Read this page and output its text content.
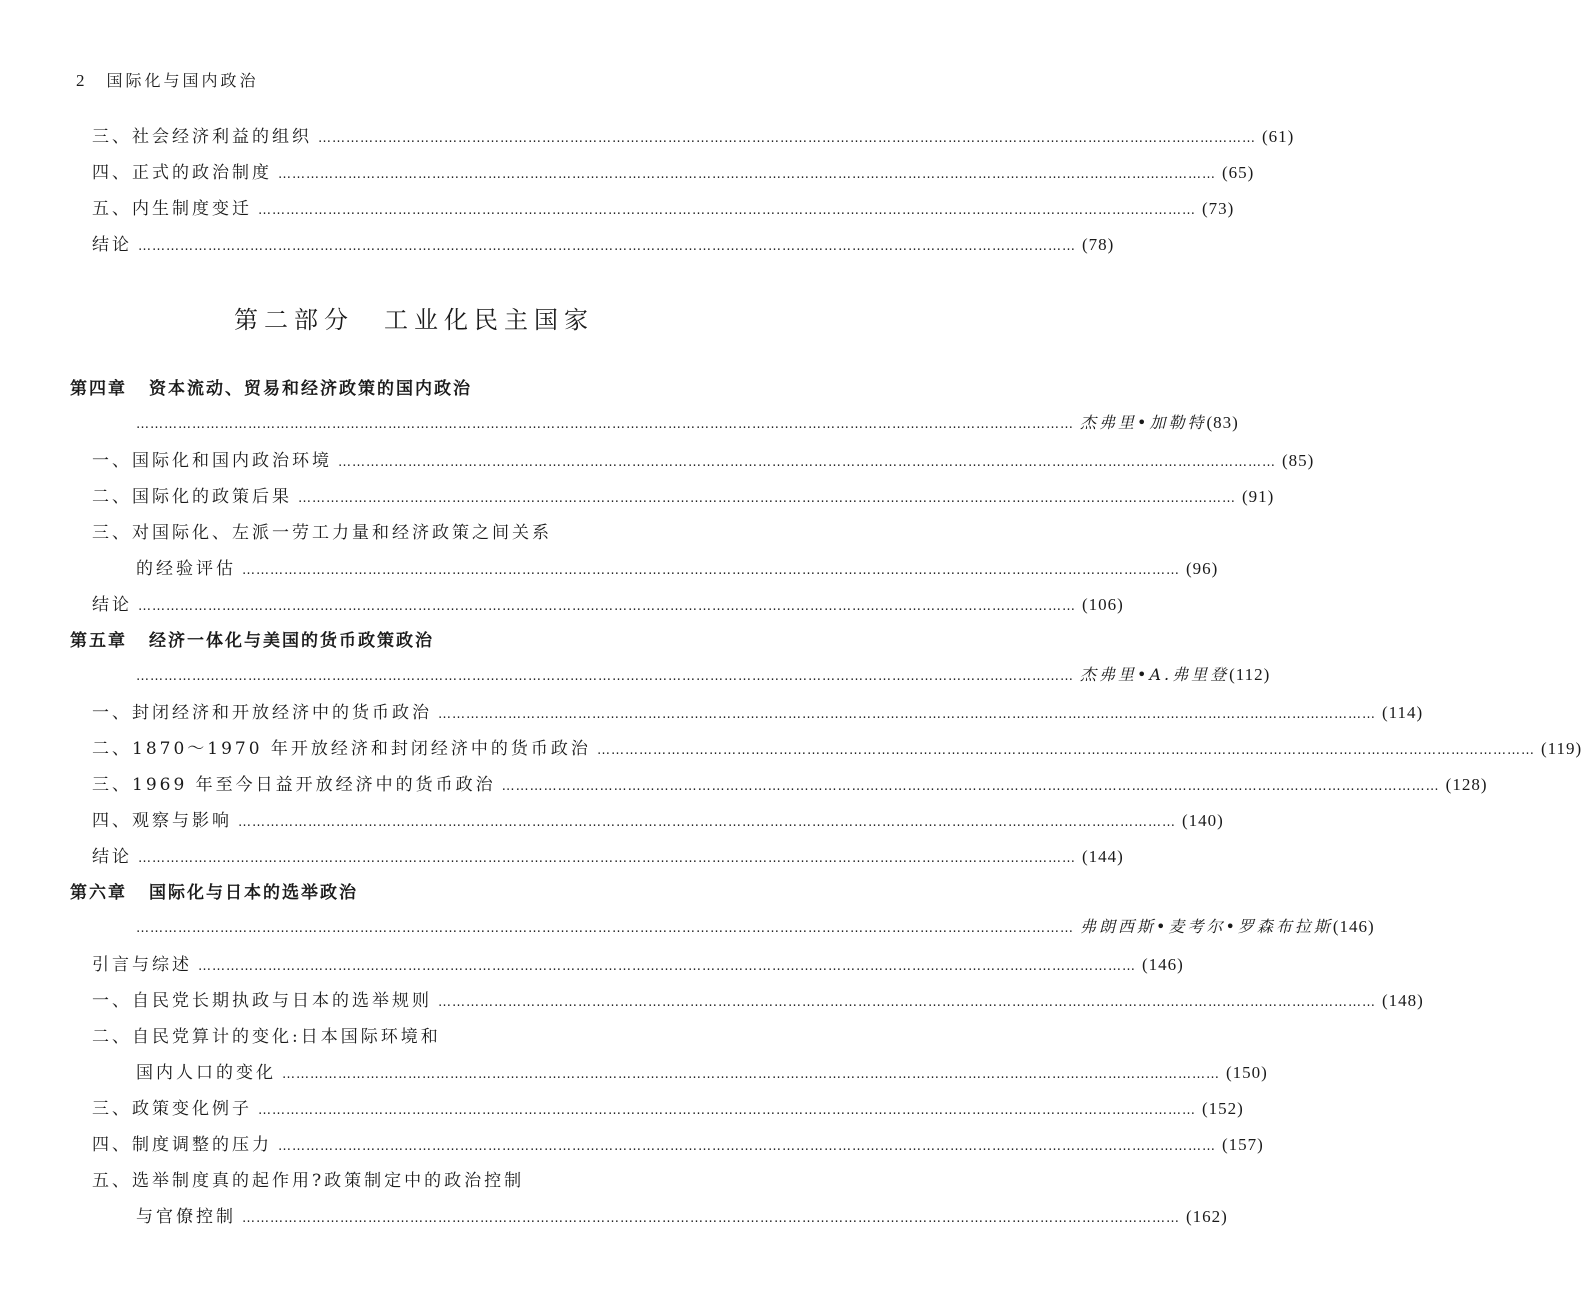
2 国际化与国内政治
三、社会经济利益的组织 ………………………………………………………………………………………………………………………………………………………………………………… (61)
四、正式的政治制度 ………………………………………………………………………………………………………………………………………………………………………………… (65)
五、内生制度变迁 ………………………………………………………………………………………………………………………………………………………………………………… (73)
结论 ………………………………………………………………………………………………………………………………………………………………………………… (78)
第二部分　工业化民主国家
第四章 资本流动、贸易和经济政策的国内政治
………………………………………………………………………………………………………………………………………………………………………………… 杰弗里•加勒特 (83)
一、国际化和国内政治环境 ………………………………………………………………………………………………………………………………………………………………………………… (85)
二、国际化的政策后果 ………………………………………………………………………………………………………………………………………………………………………………… (91)
三、对国际化、左派一劳工力量和经济政策之间关系
的经验评估 ………………………………………………………………………………………………………………………………………………………………………………… (96)
结论 ………………………………………………………………………………………………………………………………………………………………………………… (106)
第五章 经济一体化与美国的货币政策政治
………………………………………………………………………………………………………………………………………………………………………………… 杰弗里•A.弗里登 (112)
一、封闭经济和开放经济中的货币政治 ………………………………………………………………………………………………………………………………………………………………………………… (114)
二、1870～1970 年开放经济和封闭经济中的货币政治 ………………………………………………………………………………………………………………………………………………………………………………… (119)
三、1969 年至今日益开放经济中的货币政治 ………………………………………………………………………………………………………………………………………………………………………………… (128)
四、观察与影响 ………………………………………………………………………………………………………………………………………………………………………………… (140)
结论 ………………………………………………………………………………………………………………………………………………………………………………… (144)
第六章 国际化与日本的选举政治
………………………………………………………………………………………………………………………………………………………………………………… 弗朗西斯•麦考尔•罗森布拉斯 (146)
引言与综述 ………………………………………………………………………………………………………………………………………………………………………………… (146)
一、自民党长期执政与日本的选举规则 ………………………………………………………………………………………………………………………………………………………………………………… (148)
二、自民党算计的变化:日本国际环境和
国内人口的变化 ………………………………………………………………………………………………………………………………………………………………………………… (150)
三、政策变化例子 ………………………………………………………………………………………………………………………………………………………………………………… (152)
四、制度调整的压力 ………………………………………………………………………………………………………………………………………………………………………………… (157)
五、选举制度真的起作用?政策制定中的政治控制
与官僚控制 ………………………………………………………………………………………………………………………………………………………………………………… (162)
